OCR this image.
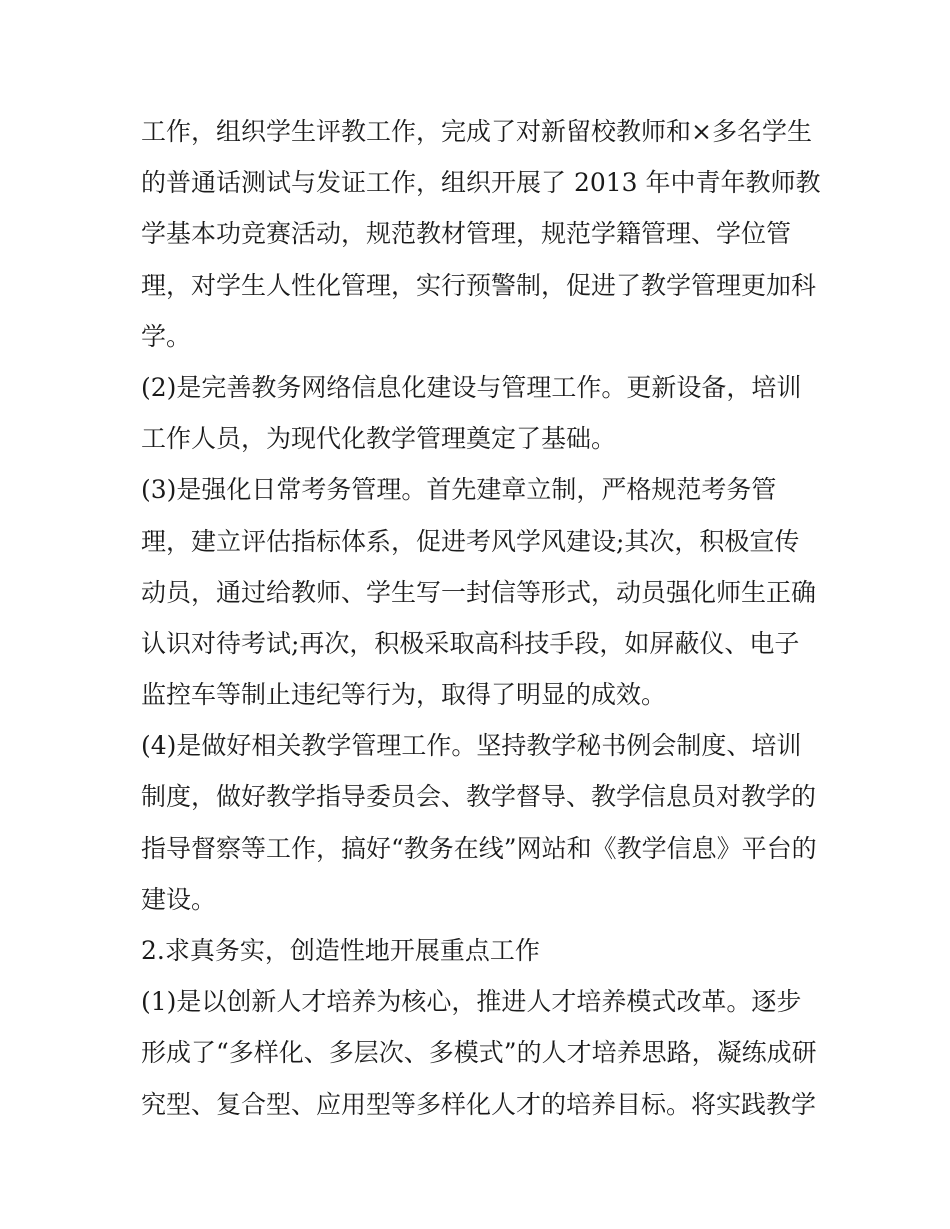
工作，组织学生评教工作，完成了对新留校教师和×多名学生
的普通话测试与发证工作，组织开展了 2013 年中青年教师教
学基本功竞赛活动，规范教材管理，规范学籍管理、学位管
理，对学生人性化管理，实行预警制，促进了教学管理更加科
学。
(2)是完善教务网络信息化建设与管理工作。更新设备，培训
工作人员，为现代化教学管理奠定了基础。
(3)是强化日常考务管理。首先建章立制，严格规范考务管
理，建立评估指标体系，促进考风学风建设;其次，积极宣传
动员，通过给教师、学生写一封信等形式，动员强化师生正确
认识对待考试;再次，积极采取高科技手段，如屏蔽仪、电子
监控车等制止违纪等行为，取得了明显的成效。
(4)是做好相关教学管理工作。坚持教学秘书例会制度、培训
制度，做好教学指导委员会、教学督导、教学信息员对教学的
指导督察等工作，搞好“教务在线”网站和《教学信息》平台的
建设。
2.求真务实，创造性地开展重点工作
(1)是以创新人才培养为核心，推进人才培养模式改革。逐步
形成了“多样化、多层次、多模式”的人才培养思路，凝练成研
究型、复合型、应用型等多样化人才的培养目标。将实践教学
